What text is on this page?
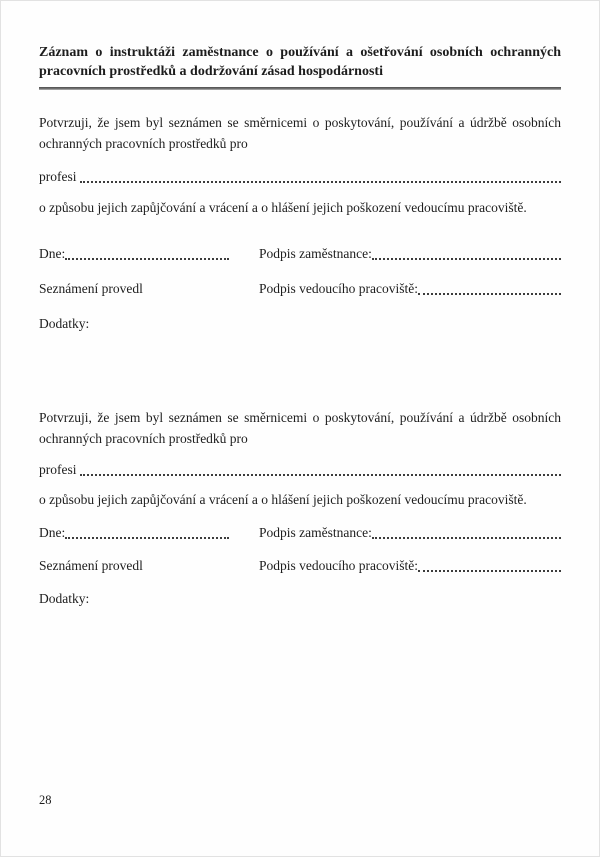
Záznam o instruktáži zaměstnance o používání a ošetřování osobních ochranných
pracovních prostředků a dodržování zásad hospodárnosti
Potvrzuji, že jsem byl seznámen se směrnicemi o poskytování, používání a údržbě osobních
ochranných pracovních prostředků pro
profesi
o způsobu jejich zapůjčování a vrácení a o hlášení jejich poškození vedoucímu pracoviště.
Dne:	Podpis zaměstnance:
Seznámení provedl	Podpis vedoucího pracoviště:
Dodatky:
Potvrzuji, že jsem byl seznámen se směrnicemi o poskytování, používání a údržbě osobních
ochranných pracovních prostředků pro
profesi
o způsobu jejich zapůjčování a vrácení a o hlášení jejich poškození vedoucímu pracoviště.
Dne:	Podpis zaměstnance:
Seznámení provedl	Podpis vedoucího pracoviště:
Dodatky:
28
